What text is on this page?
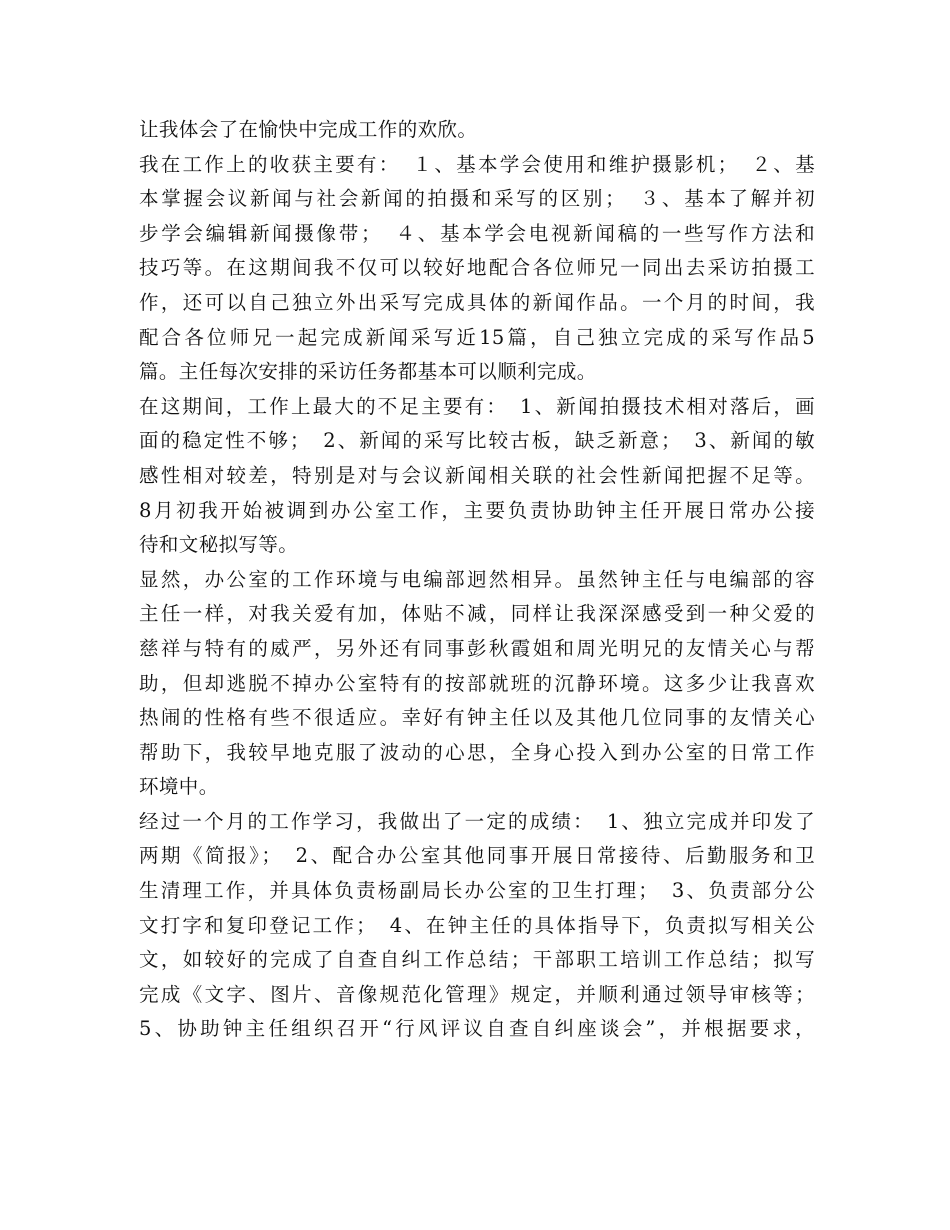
让我体会了在愉快中完成工作的欢欣。
我在工作上的收获主要有：　１、基本学会使用和维护摄影机；　２、基
本掌握会议新闻与社会新闻的拍摄和采写的区别；　３、基本了解并初
步学会编辑新闻摄像带；　４、基本学会电视新闻稿的一些写作方法和
技巧等。在这期间我不仅可以较好地配合各位师兄一同出去采访拍摄工
作，还可以自己独立外出采写完成具体的新闻作品。一个月的时间，我
配合各位师兄一起完成新闻采写近15篇，自己独立完成的采写作品5
篇。主任每次安排的采访任务都基本可以顺利完成。
在这期间，工作上最大的不足主要有：　1、新闻拍摄技术相对落后，画
面的稳定性不够；　2、新闻的采写比较古板，缺乏新意；　3、新闻的敏
感性相对较差，特别是对与会议新闻相关联的社会性新闻把握不足等。
8月初我开始被调到办公室工作，主要负责协助钟主任开展日常办公接
待和文秘拟写等。
显然，办公室的工作环境与电编部迥然相异。虽然钟主任与电编部的容
主任一样，对我关爱有加，体贴不减，同样让我深深感受到一种父爱的
慈祥与特有的威严，另外还有同事彭秋霞姐和周光明兄的友情关心与帮
助，但却逃脱不掉办公室特有的按部就班的沉静环境。这多少让我喜欢
热闹的性格有些不很适应。幸好有钟主任以及其他几位同事的友情关心
帮助下，我较早地克服了波动的心思，全身心投入到办公室的日常工作
环境中。
经过一个月的工作学习，我做出了一定的成绩：　1、独立完成并印发了
两期《简报》；　2、配合办公室其他同事开展日常接待、后勤服务和卫
生清理工作，并具体负责杨副局长办公室的卫生打理；　3、负责部分公
文打字和复印登记工作；　4、在钟主任的具体指导下，负责拟写相关公
文，如较好的完成了自查自纠工作总结；干部职工培训工作总结；拟写
完成《文字、图片、音像规范化管理》规定，并顺利通过领导审核等；
5、协助钟主任组织召开“行风评议自查自纠座谈会”，并根据要求，
